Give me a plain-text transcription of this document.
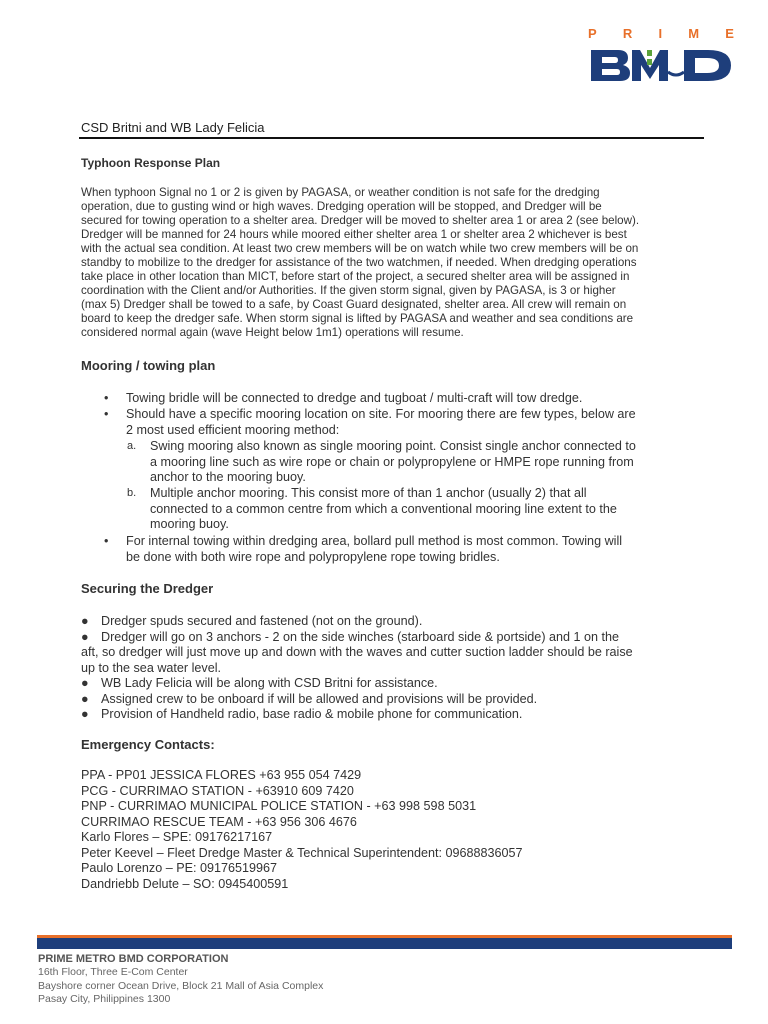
P R I M E
CSD Britni and WB Lady Felicia
Typhoon Response Plan
When typhoon Signal no 1 or 2 is given by PAGASA, or weather condition is not safe for the dredging
operation, due to gusting wind or high waves. Dredging operation will be stopped, and Dredger will be
secured for towing operation to a shelter area. Dredger will be moved to shelter area 1 or area 2 (see below).
Dredger will be manned for 24 hours while moored either shelter area 1 or shelter area 2 whichever is best
with the actual sea condition. At least two crew members will be on watch while two crew members will be on
standby to mobilize to the dredger for assistance of the two watchmen, if needed. When dredging operations
take place in other location than MICT, before start of the project, a secured shelter area will be assigned in
coordination with the Client and/or Authorities. If the given storm signal, given by PAGASA, is 3 or higher
(max 5) Dredger shall be towed to a safe, by Coast Guard designated, shelter area. All crew will remain on
board to keep the dredger safe. When storm signal is lifted by PAGASA and weather and sea conditions are
considered normal again (wave Height below 1m1) operations will resume.
Mooring / towing plan
• Towing bridle will be connected to dredge and tugboat / multi-craft will tow dredge.
• Should have a specific mooring location on site. For mooring there are few types, below are
2 most used efficient mooring method:
a. Swing mooring also known as single mooring point. Consist single anchor connected to
a mooring line such as wire rope or chain or polypropylene or HMPE rope running from
anchor to the mooring buoy.
b. Multiple anchor mooring. This consist more of than 1 anchor (usually 2) that all
connected to a common centre from which a conventional mooring line extent to the
mooring buoy.
• For internal towing within dredging area, bollard pull method is most common. Towing will
be done with both wire rope and polypropylene rope towing bridles.
Securing the Dredger
● Dredger spuds secured and fastened (not on the ground).
● Dredger will go on 3 anchors - 2 on the side winches (starboard side & portside) and 1 on the
aft, so dredger will just move up and down with the waves and cutter suction ladder should be raise
up to the sea water level.
● WB Lady Felicia will be along with CSD Britni for assistance.
● Assigned crew to be onboard if will be allowed and provisions will be provided.
● Provision of Handheld radio, base radio & mobile phone for communication.
Emergency Contacts:
PPA - PP01 JESSICA FLORES +63 955 054 7429
PCG - CURRIMAO STATION - +63910 609 7420
PNP - CURRIMAO MUNICIPAL POLICE STATION - +63 998 598 5031
CURRIMAO RESCUE TEAM - +63 956 306 4676
Karlo Flores – SPE: 09176217167
Peter Keevel – Fleet Dredge Master & Technical Superintendent: 09688836057
Paulo Lorenzo – PE: 09176519967
Dandriebb Delute – SO: 0945400591
PRIME METRO BMD CORPORATION
16th Floor, Three E-Com Center
Bayshore corner Ocean Drive, Block 21 Mall of Asia Complex
Pasay City, Philippines 1300
